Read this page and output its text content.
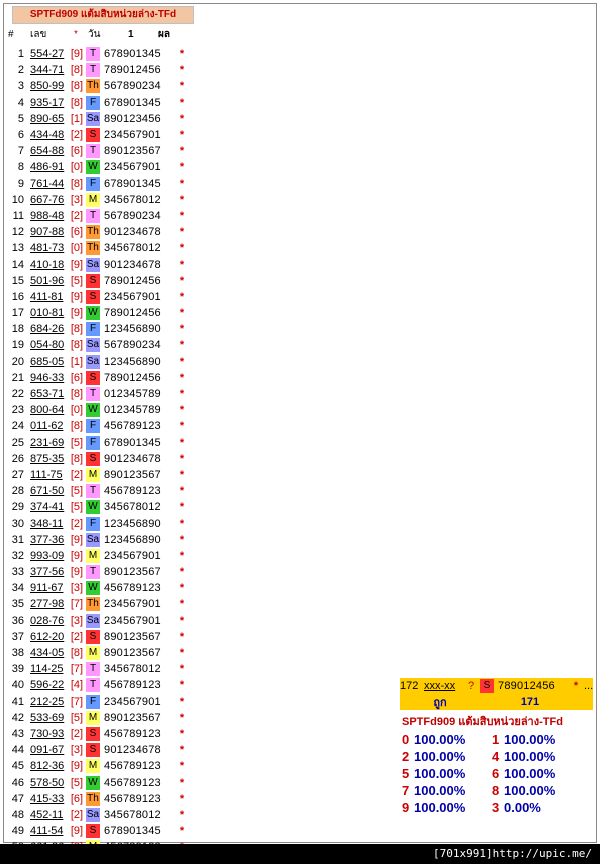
SPTFd909 แต้มสิบหน่วยล่าง-TFd
#	เลข	*	วัน	1	ผล
1 554-27 [9] T 678901345	*
2 344-71 [8] T 789012456	*
3 850-99 [8] Th 567890234	*
4 935-17 [8] F 678901345	*
5 890-65 [1] Sa 890123456	*
6 434-48 [2] S 234567901	*
7 654-88 [6] T 890123567	*
8 486-91 [0] W 234567901	*
9 761-44 [8] F 678901345	*
10 667-76 [3] M 345678012	*
11 988-48 [2] T 567890234	*
12 907-88 [6] Th 901234678	*
13 481-73 [0] Th 345678012	*
14 410-18 [9] Sa 901234678	*
15 501-96 [5] S 789012456	*
16 411-81 [9] S 234567901	*
17 010-81 [9] W 789012456	*
18 684-26 [8] F 123456890	*
19 054-80 [8] Sa 567890234	*
20 685-05 [1] Sa 123456890	*
21 946-33 [6] S 789012456	*
22 653-71 [8] T 012345789	*
23 800-64 [0] W 012345789	*
24 011-62 [8] F 456789123	*
25 231-69 [5] F 678901345	*
26 875-35 [8] S 901234678	*
27 111-75 [2] M 890123567	*
28 671-50 [5] T 456789123	*
29 374-41 [5] W 345678012	*
30 348-11 [2] F 123456890	*
31 377-36 [9] Sa 123456890	*
32 993-09 [9] M 234567901	*
33 377-56 [9] T 890123567	*
34 911-67 [3] W 456789123	*
35 277-98 [7] Th 234567901	*
36 028-76 [3] Sa 234567901	*
37 612-20 [2] S 890123567	*
38 434-05 [8] M 890123567	*
39 114-25 [7] T 345678012	*
40 596-22 [4] T 456789123	*
41 212-25 [7] F 234567901	*
42 533-69 [5] M 890123567	*
43 730-93 [2] S 456789123	*
44 091-67 [3] S 901234678	*
45 812-36 [9] M 456789123	*
46 578-50 [5] W 456789123	*
47 415-33 [6] Th 456789123	*
48 452-11 [2] Sa 345678012	*
49 411-54 [9] S 678901345	*
172 xxx-xx	? S 789012456	* ...
ถูก	171
SPTFd909 แต้มสิบหน่วยล่าง-TFd
0 100.00%	1 100.00%
2 100.00%	4 100.00%
5 100.00%	6 100.00%
7 100.00%	8 100.00%
9 100.00%	3 0.00%
[701x991]http://upic.me/
